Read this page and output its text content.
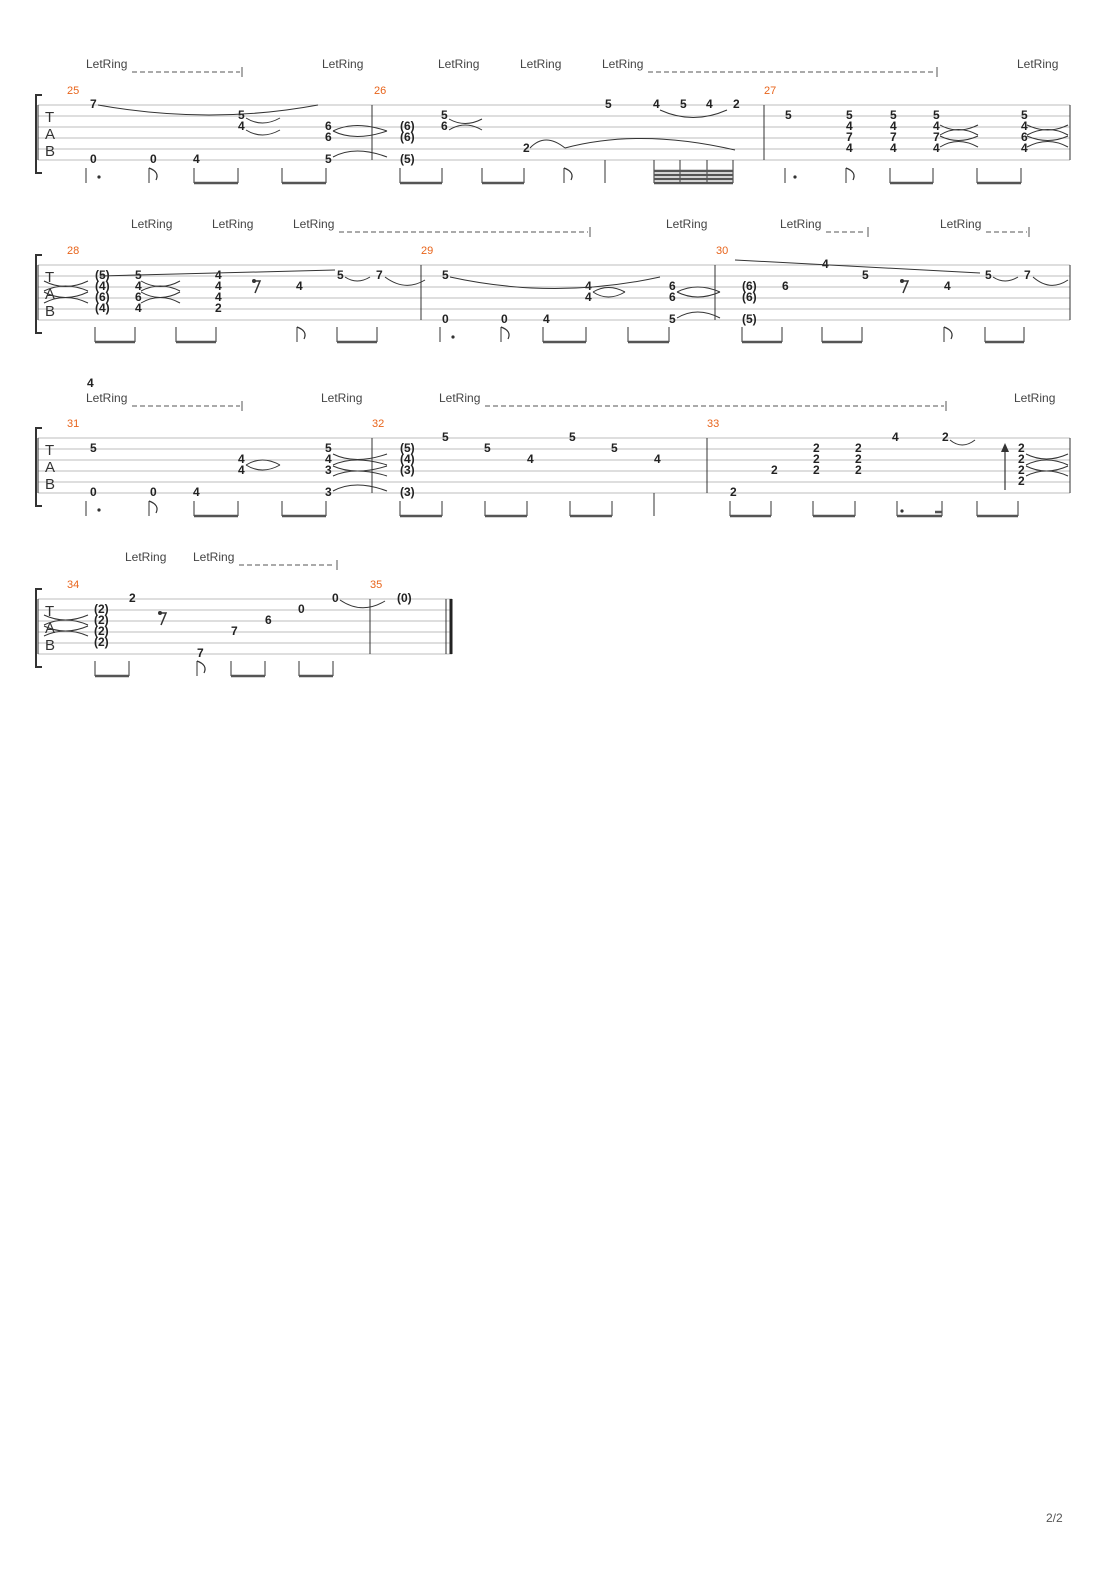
LetRing	LetRing	LetRing	LetRing	LetRing	LetRing
T
A
B
25	26	27
7
0	0	4
5
4	6
6
5
(6)
(6)
(5)
5
6
2
5	4 5 4 2
5	5
4
7
4
5
4
7
4
5
4
7
4
5
4
6
4
LetRing	LetRing	LetRing	LetRing	LetRing	LetRing
T
A
B
28	29	30
(5)
(4)
(6)
(4)
5
4
6
4
4
4
4
2
4
5	7	5
0	0	4
4
4
6
6
5
(6)
(6)
(5)
6
4
5
4
5	7
4
LetRing	LetRing	LetRing	LetRing
T
A
B
31	32	33
5
0	0	4
4
4
5
4
3
3
(5)
(4)
(3)
(3)
5
5
4
5
5
4
2
2
2
2
2
2
2
2
4	2
2
2
2
2
LetRing LetRing
T
A
B
34	35
(2)
(2)
(2)
(2)
2
7
7
6
0
0	(0)
2/2
